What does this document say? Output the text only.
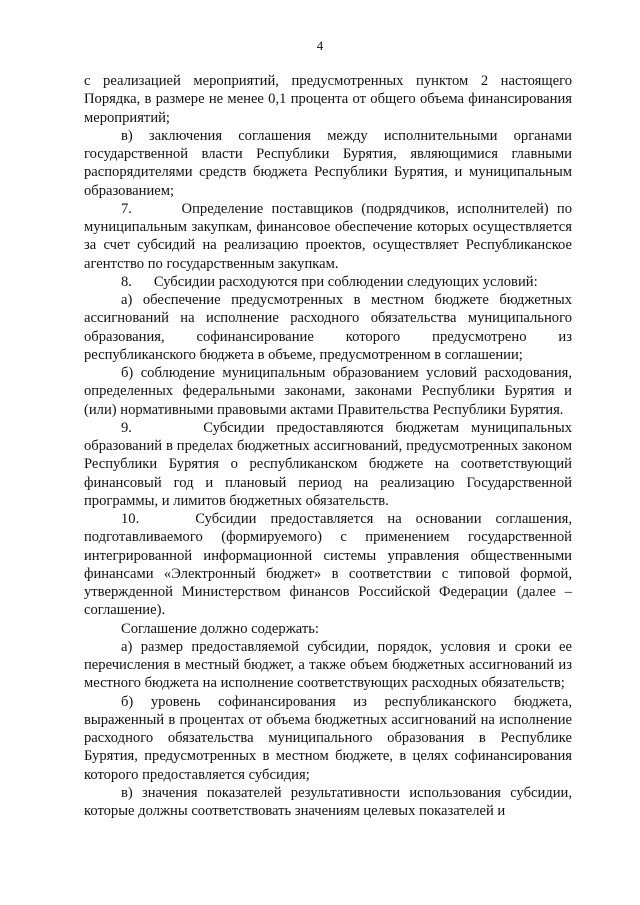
4

с реализацией мероприятий, предусмотренных пунктом 2 настоящего Порядка, в размере не менее 0,1 процента от общего объема финансирования мероприятий;

в) заключения соглашения между исполнительными органами государственной власти Республики Бурятия, являющимися главными распорядителями средств бюджета Республики Бурятия, и муниципальным образованием;

7.      Определение поставщиков (подрядчиков, исполнителей) по муниципальным закупкам, финансовое обеспечение которых осуществляется за счет субсидий на реализацию проектов, осуществляет Республиканское агентство по государственным закупкам.

8.      Субсидии расходуются при соблюдении следующих условий:

а) обеспечение предусмотренных в местном бюджете бюджетных ассигнований на исполнение расходного обязательства муниципального образования, софинансирование которого предусмотрено из республиканского бюджета в объеме, предусмотренном в соглашении;

б) соблюдение муниципальным образованием условий расходования, определенных федеральными законами, законами Республики Бурятия и (или) нормативными правовыми актами Правительства Республики Бурятия.

9.      Субсидии предоставляются бюджетам муниципальных образований в пределах бюджетных ассигнований, предусмотренных законом Республики Бурятия о республиканском бюджете на соответствующий финансовый год и плановый период на реализацию Государственной программы, и лимитов бюджетных обязательств.

10.    Субсидии предоставляется на основании соглашения, подготавливаемого (формируемого) с применением государственной интегрированной информационной системы управления общественными финансами «Электронный бюджет» в соответствии с типовой формой, утвержденной Министерством финансов Российской Федерации (далее – соглашение).

Соглашение должно содержать:

а) размер предоставляемой субсидии, порядок, условия и сроки ее перечисления в местный бюджет, а также объем бюджетных ассигнований из местного бюджета на исполнение соответствующих расходных обязательств;

б) уровень софинансирования из республиканского бюджета, выраженный в процентах от объема бюджетных ассигнований на исполнение расходного обязательства муниципального образования в Республике Бурятия, предусмотренных в местном бюджете, в целях софинансирования которого предоставляется субсидия;

в) значения показателей результативности использования субсидии, которые должны соответствовать значениям целевых показателей и
